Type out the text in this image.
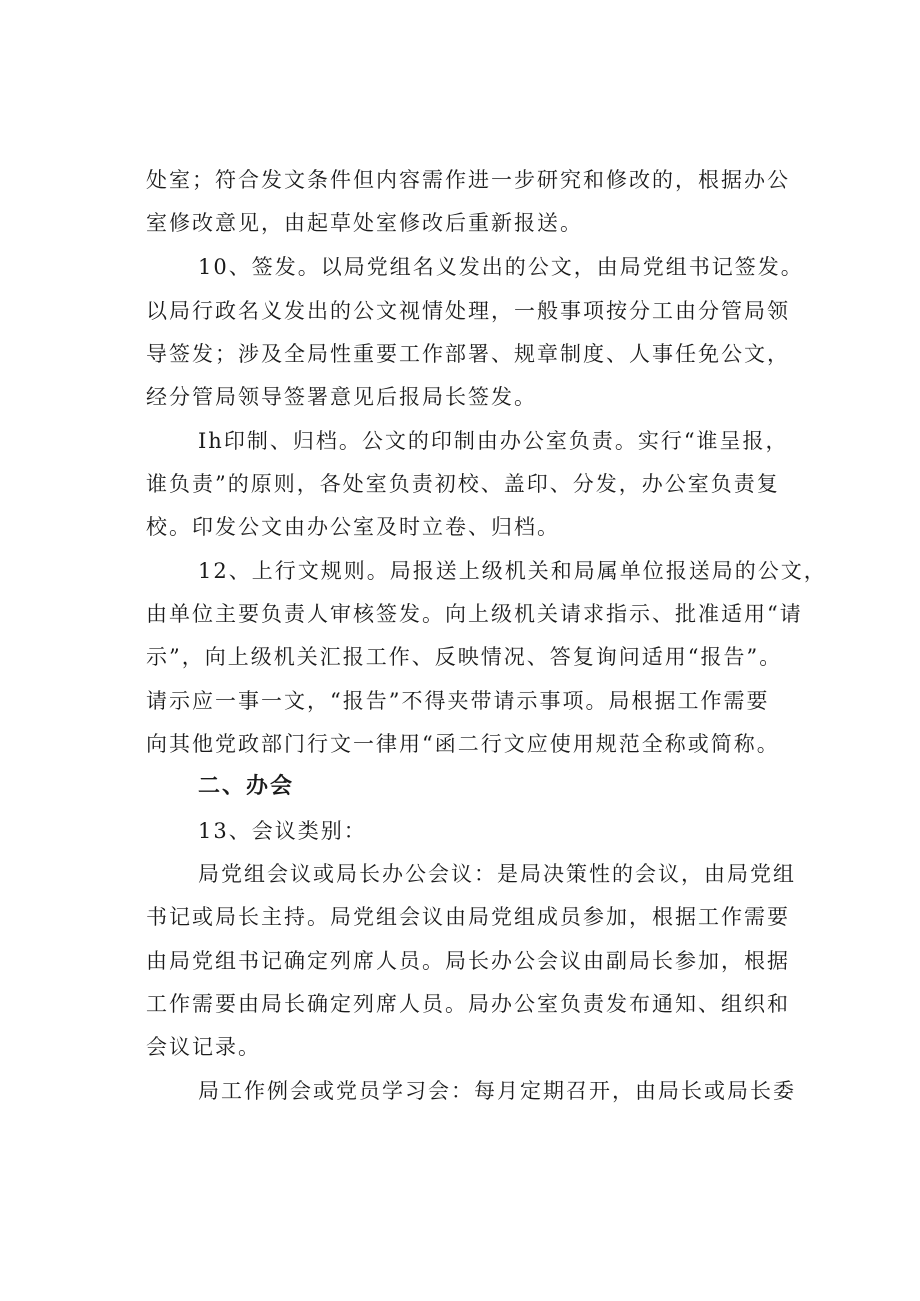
处室；符合发文条件但内容需作进一步研究和修改的，根据办公
室修改意见，由起草处室修改后重新报送。
10、签发。以局党组名义发出的公文，由局党组书记签发。
以局行政名义发出的公文视情处理，一般事项按分工由分管局领
导签发；涉及全局性重要工作部署、规章制度、人事任免公文，
经分管局领导签署意见后报局长签发。
Ih印制、归档。公文的印制由办公室负责。实行“谁呈报，
谁负责”的原则，各处室负责初校、盖印、分发，办公室负责复
校。印发公文由办公室及时立卷、归档。
12、上行文规则。局报送上级机关和局属单位报送局的公文，
由单位主要负责人审核签发。向上级机关请求指示、批准适用“请
示”，向上级机关汇报工作、反映情况、答复询问适用“报告”。
请示应一事一文，“报告”不得夹带请示事项。局根据工作需要
向其他党政部门行文一律用“函二行文应使用规范全称或简称。
二、办会
13、会议类别：
局党组会议或局长办公会议：是局决策性的会议，由局党组
书记或局长主持。局党组会议由局党组成员参加，根据工作需要
由局党组书记确定列席人员。局长办公会议由副局长参加，根据
工作需要由局长确定列席人员。局办公室负责发布通知、组织和
会议记录。
局工作例会或党员学习会：每月定期召开，由局长或局长委
